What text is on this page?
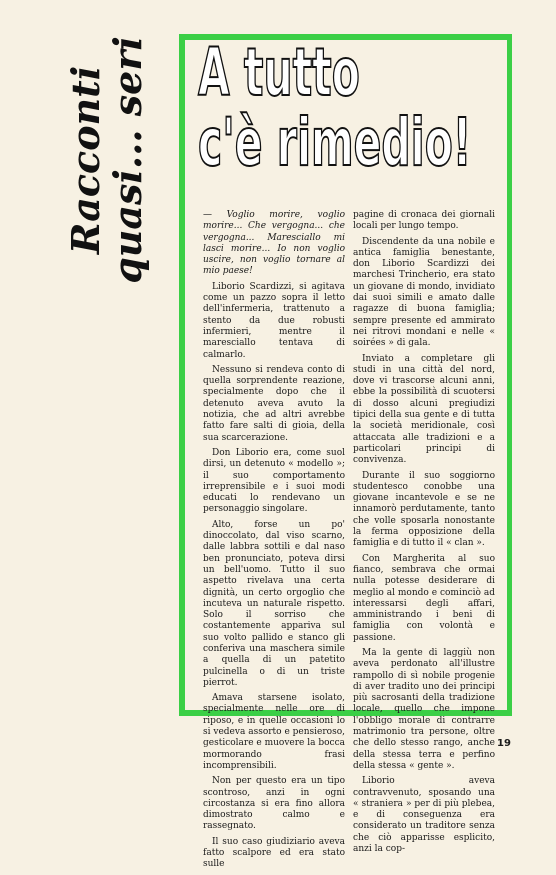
Racconti quasi... seri A tutto
c'è rimedio!

— Voglio morire, voglio morire... Che vergogna... che vergogna... Maresciallo mi lasci morire... Io non voglio uscire, non voglio tornare al mio paese!

Liborio Scardizzi, si agitava come un pazzo sopra il letto dell'infermeria, trattenuto a stento da due robusti infermieri, mentre il maresciallo tentava di calmarlo.

Nessuno si rendeva conto di quella sorprendente reazione, specialmente dopo che il detenuto aveva avuto la notizia, che ad altri avrebbe fatto fare salti di gioia, della sua scarcerazione.

Don Liborio era, come suol dirsi, un detenuto « modello »; il suo comportamento irreprensibile e i suoi modi educati lo rendevano un personaggio singolare.

Alto, forse un po' dinoccolato, dal viso scarno, dalle labbra sottili e dal naso ben pronunciato, poteva dirsi un bell'uomo. Tutto il suo aspetto rivelava una certa dignità, un certo orgoglio che incuteva un naturale rispetto. Solo il sorriso che costantemente appariva sul suo volto pallido e stanco gli conferiva una maschera simile a quella di un patetito pulcinella o di un triste pierrot.

Amava starsene isolato, specialmente nelle ore di riposo, e in quelle occasioni lo si vedeva assorto e pensieroso, gesticolare e muovere la bocca mormorando frasi incomprensibili.

Non per questo era un tipo scontroso, anzi in ogni circostanza si era fino allora dimostrato calmo e rassegnato.

Il suo caso giudiziario aveva fatto scalpore ed era stato sulle

pagine di cronaca dei giornali locali per lungo tempo.

Discendente da una nobile e antica famiglia benestante, don Liborio Scardizzi dei marchesi Trincherio, era stato un giovane di mondo, invidiato dai suoi simili e amato dalle ragazze di buona famiglia; sempre presente ed ammirato nei ritrovi mondani e nelle « soirées » di gala.

Inviato a completare gli studi in una città del nord, dove vi trascorse alcuni anni, ebbe la possibilità di scuotersi di dosso alcuni pregiudizi tipici della sua gente e di tutta la società meridionale, così attaccata alle tradizioni e a particolari principi di convivenza.

Durante il suo soggiorno studentesco conobbe una giovane incantevole e se ne innamorò perdutamente, tanto che volle sposarla nonostante la ferma opposizione della famiglia e di tutto il « clan ».

Con Margherita al suo fianco, sembrava che ormai nulla potesse desiderare di meglio al mondo e cominciò ad interessarsi degli affari, amministrando i beni di famiglia con volontà e passione.

Ma la gente di laggiù non aveva perdonato all'illustre rampollo di sì nobile progenie di aver tradito uno dei principi più sacrosanti della tradizione locale, quello che impone l'obbligo morale di contrarre matrimonio tra persone, oltre che dello stesso rango, anche della stessa terra e perfino della stessa « gente ».

Liborio aveva contravvenuto, sposando una « straniera » per di più plebea, e di conseguenza era considerato un traditore senza che ciò apparisse esplicito, anzi la cop-

19
